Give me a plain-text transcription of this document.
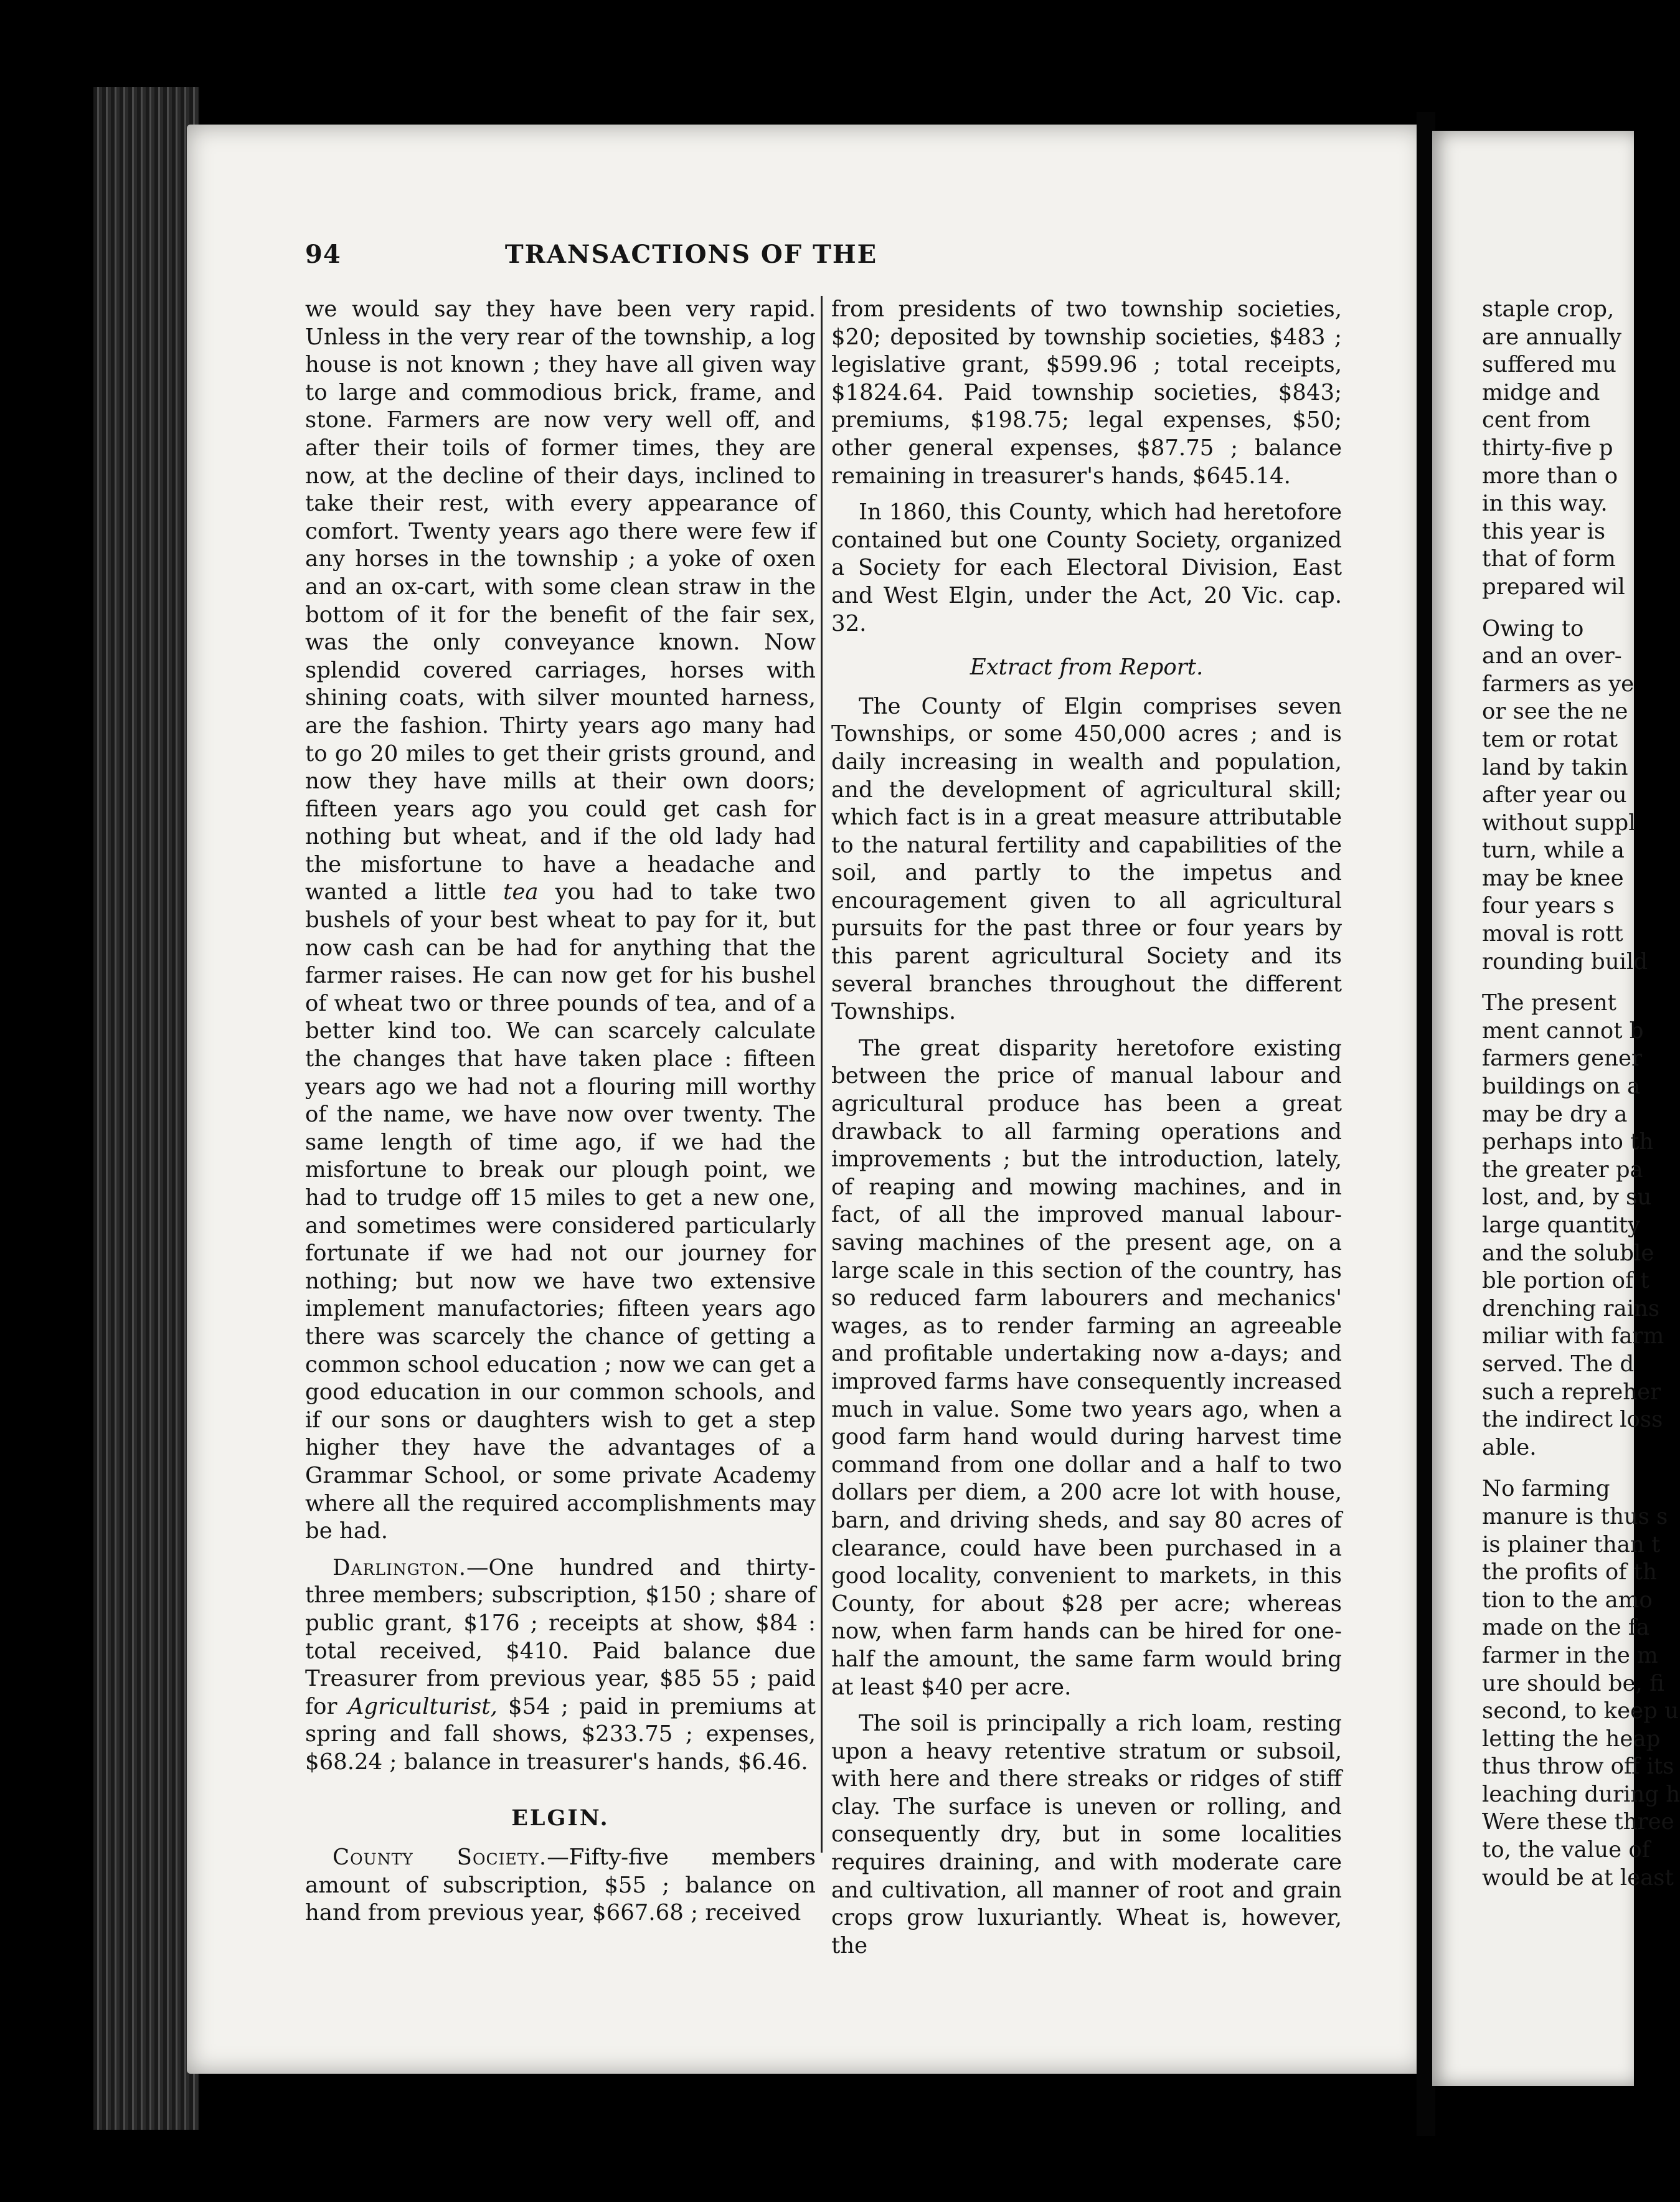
94	TRANSACTIONS OF THE

we would say they have been very rapid. Unless in the very rear of the township, a log house is not known ; they have all given way to large and commodious brick, frame, and stone. Farmers are now very well off, and after their toils of former times, they are now, at the decline of their days, inclined to take their rest, with every appearance of comfort. Twenty years ago there were few if any horses in the township ; a yoke of oxen and an ox-cart, with some clean straw in the bottom of it for the benefit of the fair sex, was the only conveyance known. Now splendid covered carriages, horses with shining coats, with silver mounted harness, are the fashion. Thirty years ago many had to go 20 miles to get their grists ground, and now they have mills at their own doors; fifteen years ago you could get cash for nothing but wheat, and if the old lady had the misfortune to have a headache and wanted a little tea you had to take two bushels of your best wheat to pay for it, but now cash can be had for anything that the farmer raises. He can now get for his bushel of wheat two or three pounds of tea, and of a better kind too. We can scarcely calculate the changes that have taken place : fifteen years ago we had not a flouring mill worthy of the name, we have now over twenty. The same length of time ago, if we had the misfortune to break our plough point, we had to trudge off 15 miles to get a new one, and sometimes were considered particularly fortunate if we had not our journey for nothing; but now we have two extensive implement manufactories; fifteen years ago there was scarcely the chance of getting a common school education ; now we can get a good education in our common schools, and if our sons or daughters wish to get a step higher they have the advantages of a Grammar School, or some private Academy where all the required accomplishments may be had.

Darlington.—One hundred and thirty-three members; subscription, $150 ; share of public grant, $176 ; receipts at show, $84 : total received, $410. Paid balance due Treasurer from previous year, $85 55 ; paid for Agriculturist, $54 ; paid in premiums at spring and fall shows, $233.75 ; expenses, $68.24 ; balance in treasurer's hands, $6.46.

ELGIN.

County Society.—Fifty-five members amount of subscription, $55 ; balance on hand from previous year, $667.68 ; received

from presidents of two township societies, $20; deposited by township societies, $483 ; legislative grant, $599.96 ; total receipts, $1824.64. Paid township societies, $843; premiums, $198.75; legal expenses, $50; other general expenses, $87.75 ; balance remaining in treasurer's hands, $645.14.

In 1860, this County, which had heretofore contained but one County Society, organized a Society for each Electoral Division, East and West Elgin, under the Act, 20 Vic. cap. 32.

Extract from Report.

The County of Elgin comprises seven Townships, or some 450,000 acres ; and is daily increasing in wealth and population, and the development of agricultural skill; which fact is in a great measure attributable to the natural fertility and capabilities of the soil, and partly to the impetus and encouragement given to all agricultural pursuits for the past three or four years by this parent agricultural Society and its several branches throughout the different Townships.

The great disparity heretofore existing between the price of manual labour and agricultural produce has been a great drawback to all farming operations and improvements ; but the introduction, lately, of reaping and mowing machines, and in fact, of all the improved manual labour-saving machines of the present age, on a large scale in this section of the country, has so reduced farm labourers and mechanics' wages, as to render farming an agreeable and profitable undertaking now a-days; and improved farms have consequently increased much in value. Some two years ago, when a good farm hand would during harvest time command from one dollar and a half to two dollars per diem, a 200 acre lot with house, barn, and driving sheds, and say 80 acres of clearance, could have been purchased in a good locality, convenient to markets, in this County, for about $28 per acre; whereas now, when farm hands can be hired for one-half the amount, the same farm would bring at least $40 per acre.

The soil is principally a rich loam, resting upon a heavy retentive stratum or subsoil, with here and there streaks or ridges of stiff clay. The surface is uneven or rolling, and consequently dry, but in some localities requires draining, and with moderate care and cultivation, all manner of root and grain crops grow luxuriantly. Wheat is, however, the

staple crop,
are annually
suffered mu
midge and
cent from
thirty-five p
more than o
in this way.
this year is
that of form
prepared wil
Owing to
and an over-
farmers as ye
or see the ne
tem or rotat
land by takin
after year ou
without suppl
turn, while a
may be knee
four years s
moval is rott
rounding build
The present
ment cannot b
farmers gener
buildings on a
may be dry a
perhaps into th
the greater pa
lost, and, by su
large quantity
and the soluble
ble portion of t
drenching rains
miliar with farm
served. The d
such a repreher
the indirect loss
able.
No farming
manure is thus s
is plainer than t
the profits of th
tion to the amo
made on the fa
farmer in the m
ure should be, fi
second, to keep u
letting the heap
thus throw off its
leaching during h
Were these three
to, the value of
would be at least
